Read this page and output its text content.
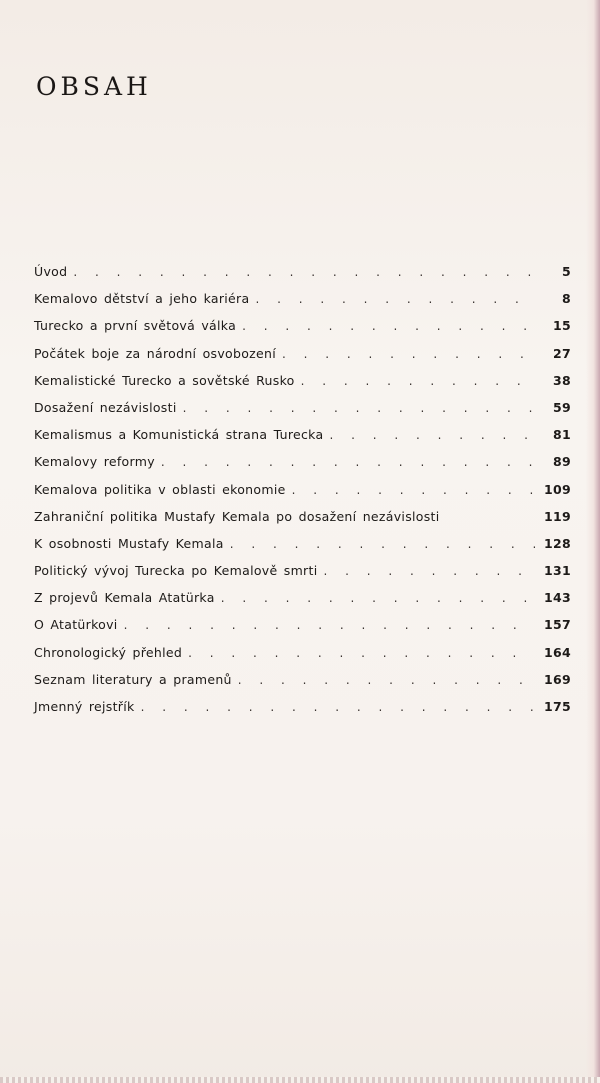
OBSAH
Úvod . . .	5
Kemalovo dětství a jeho kariéra . . .	8
Turecko a první světová válka . . .	15
Počátek boje za národní osvobození . . .	27
Kemalistické Turecko a sovětské Rusko . . .	38
Dosažení nezávislosti . . .	59
Kemalismus a Komunistická strana Turecka . . .	81
Kemalovy reformy . . .	89
Kemalova politika v oblasti ekonomie . . .	109
Zahraniční politika Mustafy Kemala po dosažení nezávislosti	119
K osobnosti Mustafy Kemala . . .	128
Politický vývoj Turecka po Kemalově smrti . . .	131
Z projevů Kemala Atatürka . . .	143
O Atatürkovi . . .	157
Chronologický přehled . . .	164
Seznam literatury a pramenů . . .	169
Jmenný rejstřík . . .	175
